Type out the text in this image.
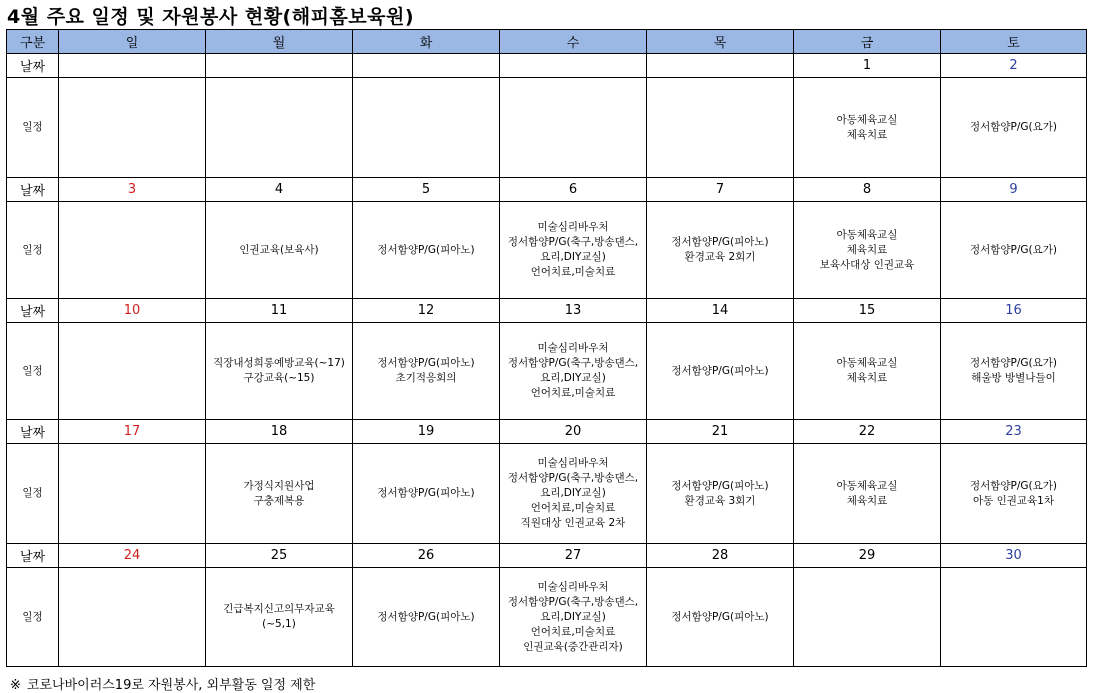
4월 주요 일정 및 자원봉사 현황(해피홈보육원)
구분	일	월	화	수	목	금	토
날짜						1	2
일정						아동체육교실
체육치료	정서함양P/G(요가)

날짜	3	4	5	6	7	8	9
일정		인권교육(보육사)	정서함양P/G(피아노)	미술심리바우처
정서함양P/G(축구,방송댄스,
요리,DIY교실)
언어치료,미술치료	정서함양P/G(피아노)
환경교육 2회기	아동체육교실
체육치료
보육사대상 인권교육	정서함양P/G(요가)

날짜	10	11	12	13	14	15	16
일정		직장내성희롱예방교육(~17)
구강교육(~15)	정서함양P/G(피아노)
초기적응회의	미술심리바우처
정서함양P/G(축구,방송댄스,
요리,DIY교실)
언어치료,미술치료	정서함양P/G(피아노)	아동체육교실
체육치료	정서함양P/G(요가)
해울방 방별나들이

날짜	17	18	19	20	21	22	23
일정		가정식지원사업
구충제복용	정서함양P/G(피아노)	미술심리바우처
정서함양P/G(축구,방송댄스,
요리,DIY교실)
언어치료,미술치료
직원대상 인권교육 2차	정서함양P/G(피아노)
환경교육 3회기	아동체육교실
체육치료	정서함양P/G(요가)
아동 인권교육1차

날짜	24	25	26	27	28	29	30
일정		긴급복지신고의무자교육
(~5,1)	정서함양P/G(피아노)	미술심리바우처
정서함양P/G(축구,방송댄스,
요리,DIY교실)
언어치료,미술치료
인권교육(중간관리자)	정서함양P/G(피아노)		

※ 코로나바이러스19로 자원봉사, 외부활동 일정 제한
